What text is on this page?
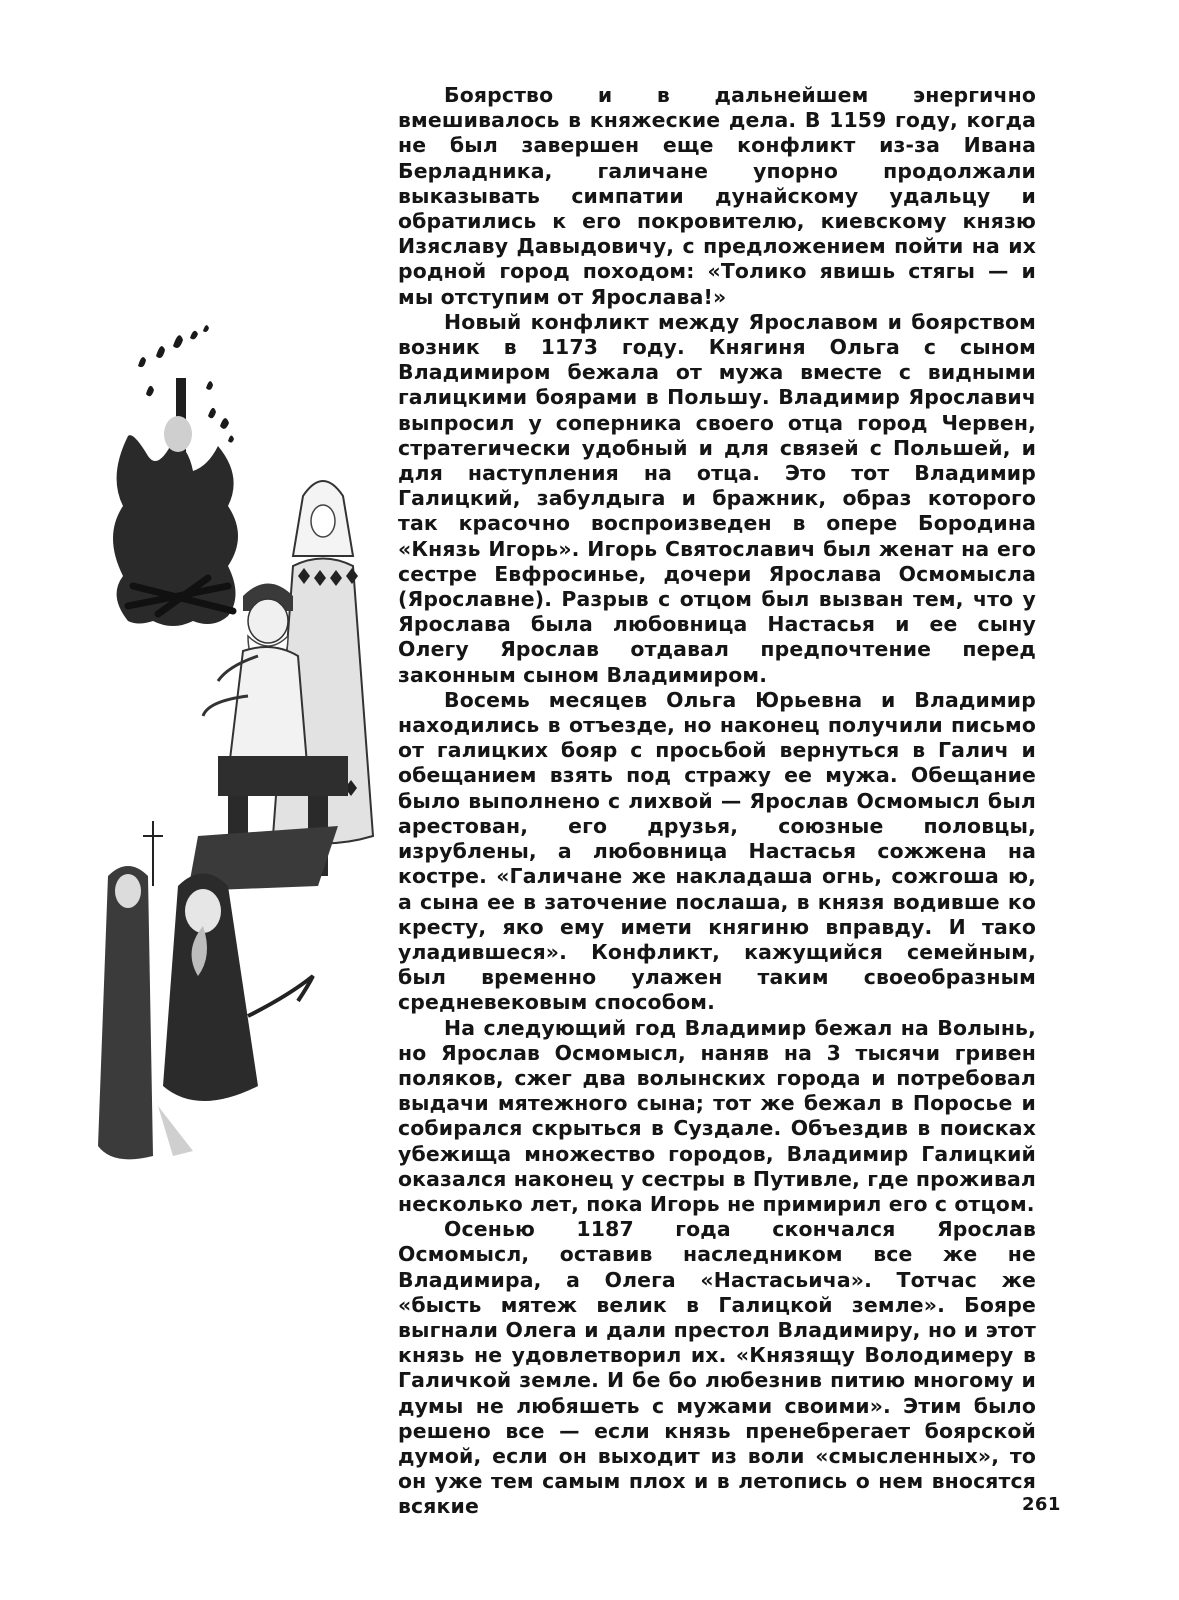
Боярство и в дальнейшем энергично вмешивалось в княжеские дела. В 1159 году, когда не был завершен еще конфликт из-за Ивана Берладника, галичане упорно продолжали выказывать симпатии дунайскому удальцу и обратились к его покровителю, киевскому князю Изяславу Давыдовичу, с предложением пойти на их родной город походом: «Толико явишь стягы — и мы отступим от Ярослава!»

Новый конфликт между Ярославом и боярством возник в 1173 году. Княгиня Ольга с сыном Владимиром бежала от мужа вместе с видными галицкими боярами в Польшу. Владимир Ярославич выпросил у соперника своего отца город Червен, стратегически удобный и для связей с Польшей, и для наступления на отца. Это тот Владимир Галицкий, забулдыга и бражник, образ которого так красочно воспроизведен в опере Бородина «Князь Игорь». Игорь Святославич был женат на его сестре Евфросинье, дочери Ярослава Осмомысла (Ярославне). Разрыв с отцом был вызван тем, что у Ярослава была любовница Настасья и ее сыну Олегу Ярослав отдавал предпочтение перед законным сыном Владимиром.

Восемь месяцев Ольга Юрьевна и Владимир находились в отъезде, но наконец получили письмо от галицких бояр с просьбой вернуться в Галич и обещанием взять под стражу ее мужа. Обещание было выполнено с лихвой — Ярослав Осмомысл был арестован, его друзья, союзные половцы, изрублены, а любовница Настасья сожжена на костре. «Галичане же накладаша огнь, сожгоша ю, а сына ее в заточение послаша, в князя водивше ко кресту, яко ему имети княгиню вправду. И тако уладившеся». Конфликт, кажущийся семейным, был временно улажен таким своеобразным средневековым способом.

На следующий год Владимир бежал на Волынь, но Ярослав Осмомысл, наняв на 3 тысячи гривен поляков, сжег два волынских города и потребовал выдачи мятежного сына; тот же бежал в Поросье и собирался скрыться в Суздале. Объездив в поисках убежища множество городов, Владимир Галицкий оказался наконец у сестры в Путивле, где проживал несколько лет, пока Игорь не примирил его с отцом.

Осенью 1187 года скончался Ярослав Осмомысл, оставив наследником все же не Владимира, а Олега «Настасьича». Тотчас же «бысть мятеж велик в Галицкой земле». Бояре выгнали Олега и дали престол Владимиру, но и этот князь не удовлетворил их. «Князящу Володимеру в Галичкой земле. И бе бо любезнив питию многому и думы не любяшеть с мужами своими». Этим было решено все — если князь пренебрегает боярской думой, если он выходит из воли «смысленных», то он уже тем самым плох и в летопись о нем вносятся всякие	261
